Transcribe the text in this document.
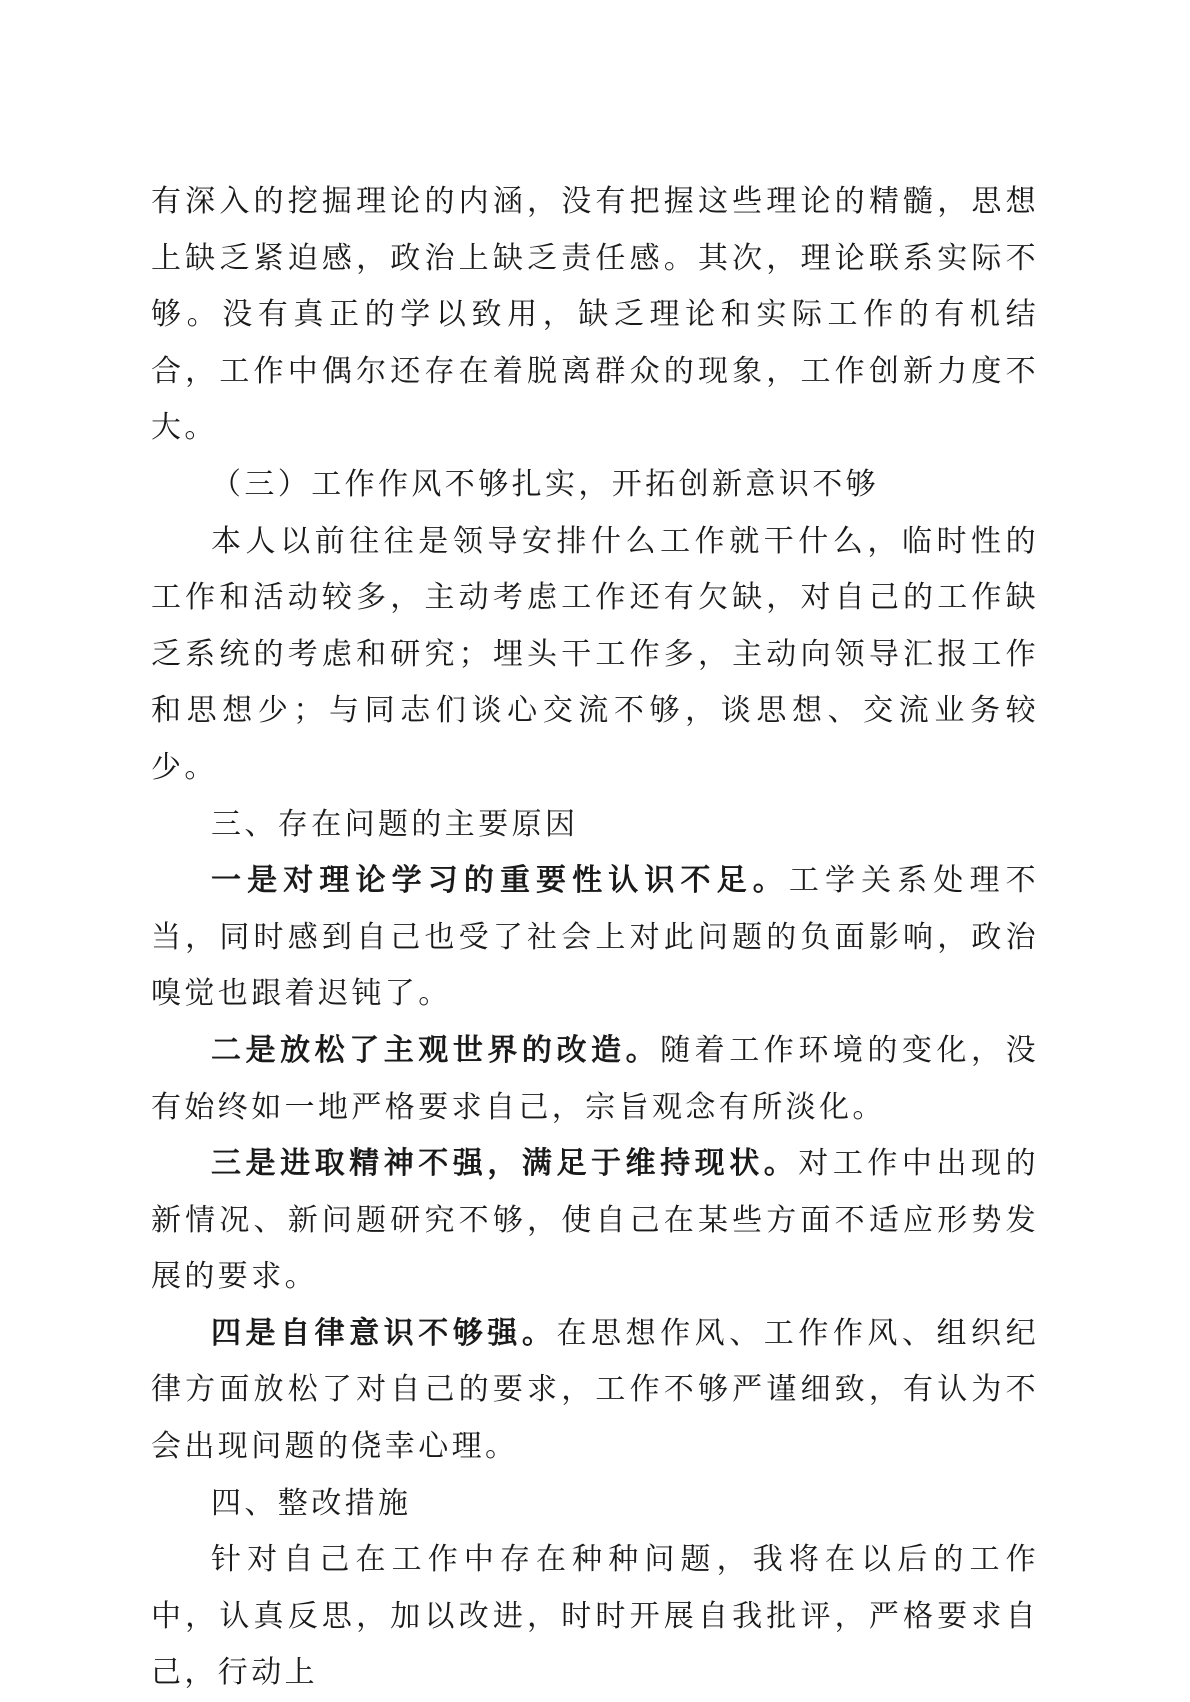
有深入的挖掘理论的内涵，没有把握这些理论的精髓，思想上缺乏紧迫感，政治上缺乏责任感。其次，理论联系实际不够。没有真正的学以致用，缺乏理论和实际工作的有机结合，工作中偶尔还存在着脱离群众的现象，工作创新力度不大。

（三）工作作风不够扎实，开拓创新意识不够

本人以前往往是领导安排什么工作就干什么，临时性的工作和活动较多，主动考虑工作还有欠缺，对自己的工作缺乏系统的考虑和研究；埋头干工作多，主动向领导汇报工作和思想少；与同志们谈心交流不够，谈思想、交流业务较少。

三、存在问题的主要原因

一是对理论学习的重要性认识不足。工学关系处理不当，同时感到自己也受了社会上对此问题的负面影响，政治嗅觉也跟着迟钝了。

二是放松了主观世界的改造。随着工作环境的变化，没有始终如一地严格要求自己，宗旨观念有所淡化。

三是进取精神不强，满足于维持现状。对工作中出现的新情况、新问题研究不够，使自己在某些方面不适应形势发展的要求。

四是自律意识不够强。在思想作风、工作作风、组织纪律方面放松了对自己的要求，工作不够严谨细致，有认为不会出现问题的侥幸心理。

四、整改措施

针对自己在工作中存在种种问题，我将在以后的工作中，认真反思，加以改进，时时开展自我批评，严格要求自己，行动上
